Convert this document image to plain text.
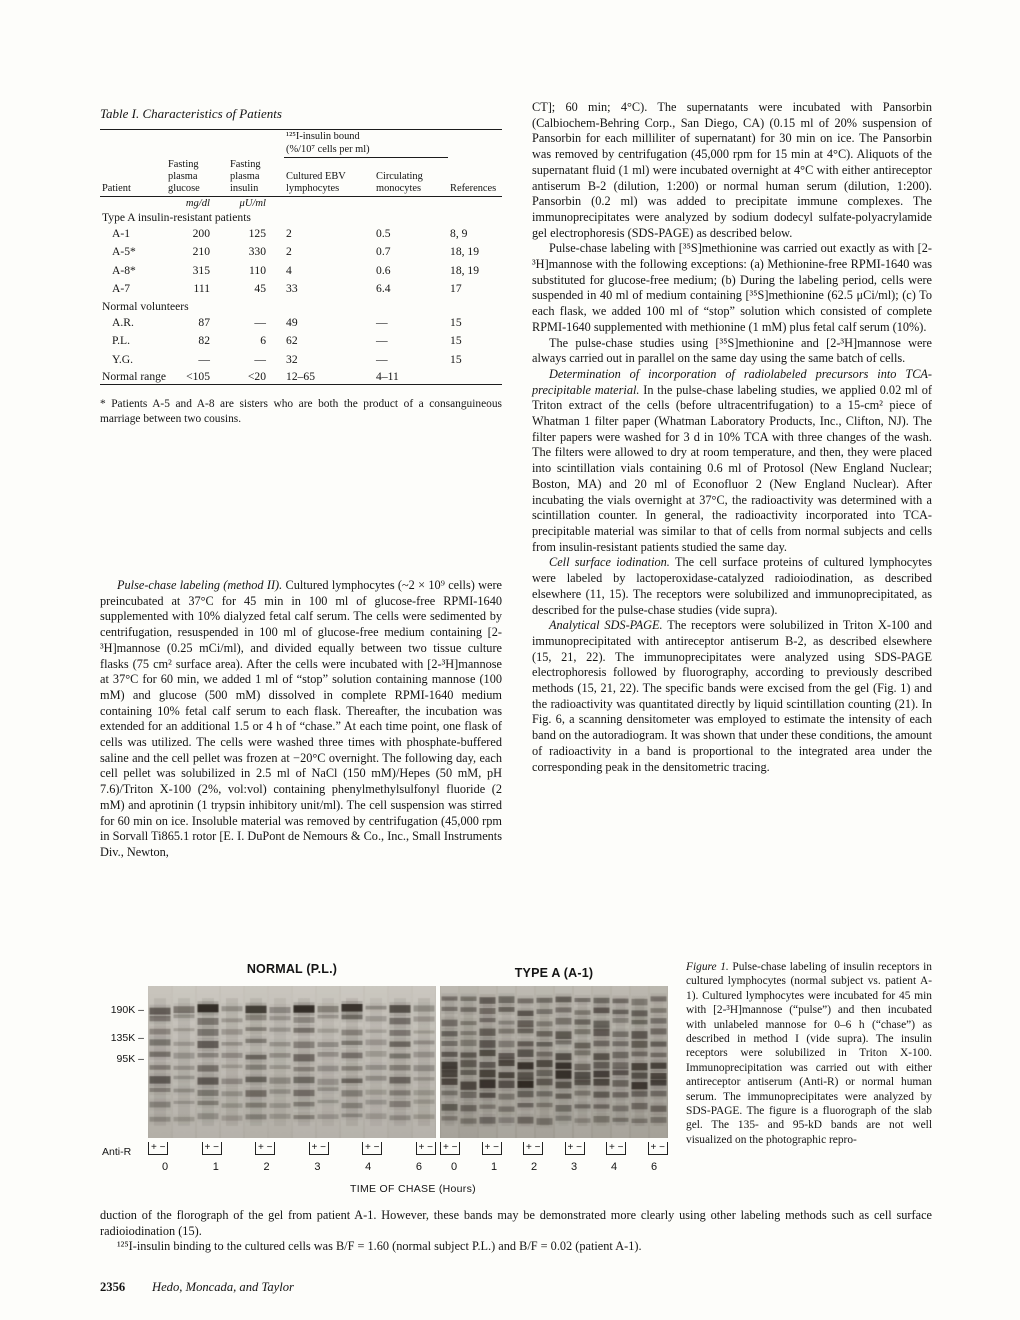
Table I. Characteristics of Patients

			¹²⁵I-insulin bound
(%/10⁷ cells per ml)		

Patient	Fasting plasma glucose	Fasting plasma insulin	Cultured EBV lymphocytes	Circulating monocytes	References
	mg/dl	μU/ml			
Type A insulin-resistant patients					
A-1	200	125	2	0.5	8, 9
A-5*	210	330	2	0.7	18, 19
A-8*	315	110	4	0.6	18, 19
A-7	111	45	33	6.4	17
Normal volunteers					
A.R.	87	—	49	—	15
P.L.	82	6	62	—	15
Y.G.	—	—	32	—	15
Normal range	<105	<20	12–65	4–11	

* Patients A-5 and A-8 are sisters who are both the product of a consanguineous marriage between two cousins.

Pulse-chase labeling (method II). Cultured lymphocytes (~2 × 10⁹ cells) were preincubated at 37°C for 45 min in 100 ml of glucose-free RPMI-1640 supplemented with 10% dialyzed fetal calf serum. The cells were sedimented by centrifugation, resuspended in 100 ml of glucose-free medium containing [2-³H]mannose (0.25 mCi/ml), and divided equally between two tissue culture flasks (75 cm² surface area). After the cells were incubated with [2-³H]mannose at 37°C for 60 min, we added 1 ml of “stop” solution containing mannose (100 mM) and glucose (500 mM) dissolved in complete RPMI-1640 medium containing 10% fetal calf serum to each flask. Thereafter, the incubation was extended for an additional 1.5 or 4 h of “chase.” At each time point, one flask of cells was utilized. The cells were washed three times with phosphate-buffered saline and the cell pellet was frozen at −20°C overnight. The following day, each cell pellet was solubilized in 2.5 ml of NaCl (150 mM)/Hepes (50 mM, pH 7.6)/Triton X-100 (2%, vol:vol) containing phenylmethylsulfonyl fluoride (2 mM) and aprotinin (1 trypsin inhibitory unit/ml). The cell suspension was stirred for 60 min on ice. Insoluble material was removed by centrifugation (45,000 rpm in Sorvall Ti865.1 rotor [E. I. DuPont de Nemours & Co., Inc., Small Instruments Div., Newton,

CT]; 60 min; 4°C). The supernatants were incubated with Pansorbin (Calbiochem-Behring Corp., San Diego, CA) (0.15 ml of 20% suspension of Pansorbin for each milliliter of supernatant) for 30 min on ice. The Pansorbin was removed by centrifugation (45,000 rpm for 15 min at 4°C). Aliquots of the supernatant fluid (1 ml) were incubated overnight at 4°C with either antireceptor antiserum B-2 (dilution, 1:200) or normal human serum (dilution, 1:200). Pansorbin (0.2 ml) was added to precipitate immune complexes. The immunoprecipitates were analyzed by sodium dodecyl sulfate-polyacrylamide gel electrophoresis (SDS-PAGE) as described below.

Pulse-chase labeling with [³⁵S]methionine was carried out exactly as with [2-³H]mannose with the following exceptions: (a) Methionine-free RPMI-1640 was substituted for glucose-free medium; (b) During the labeling period, cells were suspended in 40 ml of medium containing [³⁵S]methionine (62.5 μCi/ml); (c) To each flask, we added 100 ml of “stop” solution which consisted of complete RPMI-1640 supplemented with methionine (1 mM) plus fetal calf serum (10%).

The pulse-chase studies using [³⁵S]methionine and [2-³H]mannose were always carried out in parallel on the same day using the same batch of cells.

Determination of incorporation of radiolabeled precursors into TCA-precipitable material. In the pulse-chase labeling studies, we applied 0.02 ml of Triton extract of the cells (before ultracentrifugation) to a 15-cm² piece of Whatman 1 filter paper (Whatman Laboratory Products, Inc., Clifton, NJ). The filter papers were washed for 3 d in 10% TCA with three changes of the wash. The filters were allowed to dry at room temperature, and then, they were placed into scintillation vials containing 0.6 ml of Protosol (New England Nuclear; Boston, MA) and 20 ml of Econofluor 2 (New England Nuclear). After incubating the vials overnight at 37°C, the radioactivity was determined with a scintillation counter. In general, the radioactivity incorporated into TCA-precipitable material was similar to that of cells from normal subjects and cells from insulin-resistant patients studied the same day.

Cell surface iodination. The cell surface proteins of cultured lymphocytes were labeled by lactoperoxidase-catalyzed radioiodination, as described elsewhere (11, 15). The receptors were solubilized and immunoprecipitated, as described for the pulse-chase studies (vide supra).

Analytical SDS-PAGE. The receptors were solubilized in Triton X-100 and immunoprecipitated with antireceptor antiserum B-2, as described elsewhere (15, 21, 22). The immunoprecipitates were analyzed using SDS-PAGE electrophoresis followed by fluorography, according to previously described methods (15, 21, 22). The specific bands were excised from the gel (Fig. 1) and the radioactivity was quantitated directly by liquid scintillation counting (21). In Fig. 6, a scanning densitometer was employed to estimate the intensity of each band on the autoradiogram. It was shown that under these conditions, the amount of radioactivity in a band is proportional to the integrated area under the corresponding peak in the densitometric tracing.

NORMAL (P.L.)	TYPE A (A-1)
190K –
135K –
95K –
Anti-R	+ −	+ −	+ −	+ −	+ −	+ −
0	1	2	3	4	6
+ −	+ −	+ −	+ −	+ −	+ −
0	1	2	3	4	6
TIME OF CHASE (Hours)
Figure 1. Pulse-chase labeling of insulin receptors in cultured lymphocytes (normal subject vs. patient A-1). Cultured lymphocytes were incubated for 45 min with [2-³H]mannose (“pulse”) and then incubated with unlabeled mannose for 0–6 h (“chase”) as described in method I (vide supra). The insulin receptors were solubilized in Triton X-100. Immunoprecipitation was carried out with either antireceptor antiserum (Anti-R) or normal human serum. The immunoprecipitates were analyzed by SDS-PAGE. The figure is a fluorograph of the slab gel. The 135- and 95-kD bands are not well visualized on the photographic repro-

duction of the florograph of the gel from patient A-1. However, these bands may be demonstrated more clearly using other labeling methods such as cell surface radioiodination (15).

¹²⁵I-insulin binding to the cultured cells was B/F = 1.60 (normal subject P.L.) and B/F = 0.02 (patient A-1).

2356 Hedo, Moncada, and Taylor
